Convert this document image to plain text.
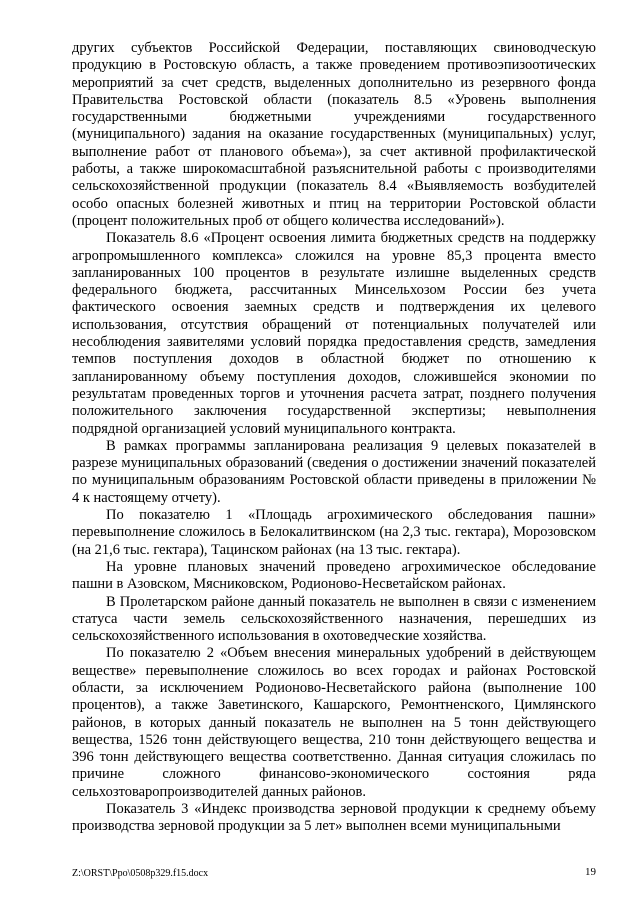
других субъектов Российской Федерации, поставляющих свиноводческую продукцию в Ростовскую область, а также проведением противоэпизоотических мероприятий за счет средств, выделенных дополнительно из резервного фонда Правительства Ростовской области (показатель 8.5 «Уровень выполнения государственными бюджетными учреждениями государственного (муниципального) задания на оказание государственных (муниципальных) услуг, выполнение работ от планового объема»), за счет активной профилактической работы, а также широкомасштабной разъяснительной работы с производителями сельскохозяйственной продукции (показатель 8.4 «Выявляемость возбудителей особо опасных болезней животных и птиц на территории Ростовской области (процент положительных проб от общего количества исследований»).

Показатель 8.6 «Процент освоения лимита бюджетных средств на поддержку агропромышленного комплекса» сложился на уровне 85,3 процента вместо запланированных 100 процентов в результате излишне выделенных средств федерального бюджета, рассчитанных Минсельхозом России без учета фактического освоения заемных средств и подтверждения их целевого использования, отсутствия обращений от потенциальных получателей или несоблюдения заявителями условий порядка предоставления средств, замедления темпов поступления доходов в областной бюджет по отношению к запланированному объему поступления доходов, сложившейся экономии по результатам проведенных торгов и уточнения расчета затрат, позднего получения положительного заключения государственной экспертизы; невыполнения подрядной организацией условий муниципального контракта.

В рамках программы запланирована реализация 9 целевых показателей в разрезе муниципальных образований (сведения о достижении значений показателей по муниципальным образованиям Ростовской области приведены в приложении № 4 к настоящему отчету).

По показателю 1 «Площадь агрохимического обследования пашни» перевыполнение сложилось в Белокалитвинском (на 2,3 тыс. гектара), Морозовском (на 21,6 тыс. гектара), Тацинском районах (на 13 тыс. гектара).

На уровне плановых значений проведено агрохимическое обследование пашни в Азовском, Мясниковском, Родионово-Несветайском районах.

В Пролетарском районе данный показатель не выполнен в связи с изменением статуса части земель сельскохозяйственного назначения, перешедших из сельскохозяйственного использования в охотоведческие хозяйства.

По показателю 2 «Объем внесения минеральных удобрений в действующем веществе» перевыполнение сложилось во всех городах и районах Ростовской области, за исключением Родионово-Несветайского района (выполнение 100 процентов), а также Заветинского, Кашарского, Ремонтненского, Цимлянского районов, в которых данный показатель не выполнен на 5 тонн действующего вещества, 1526 тонн действующего вещества, 210 тонн действующего вещества и 396 тонн действующего вещества соответственно. Данная ситуация сложилась по причине сложного финансово-экономического состояния ряда сельхозтоваропроизводителей данных районов.

Показатель 3 «Индекс производства зерновой продукции к среднему объему производства зерновой продукции за 5 лет» выполнен всеми муниципальными

Z:\ORST\Ppo\0508p329.f15.docx	19
